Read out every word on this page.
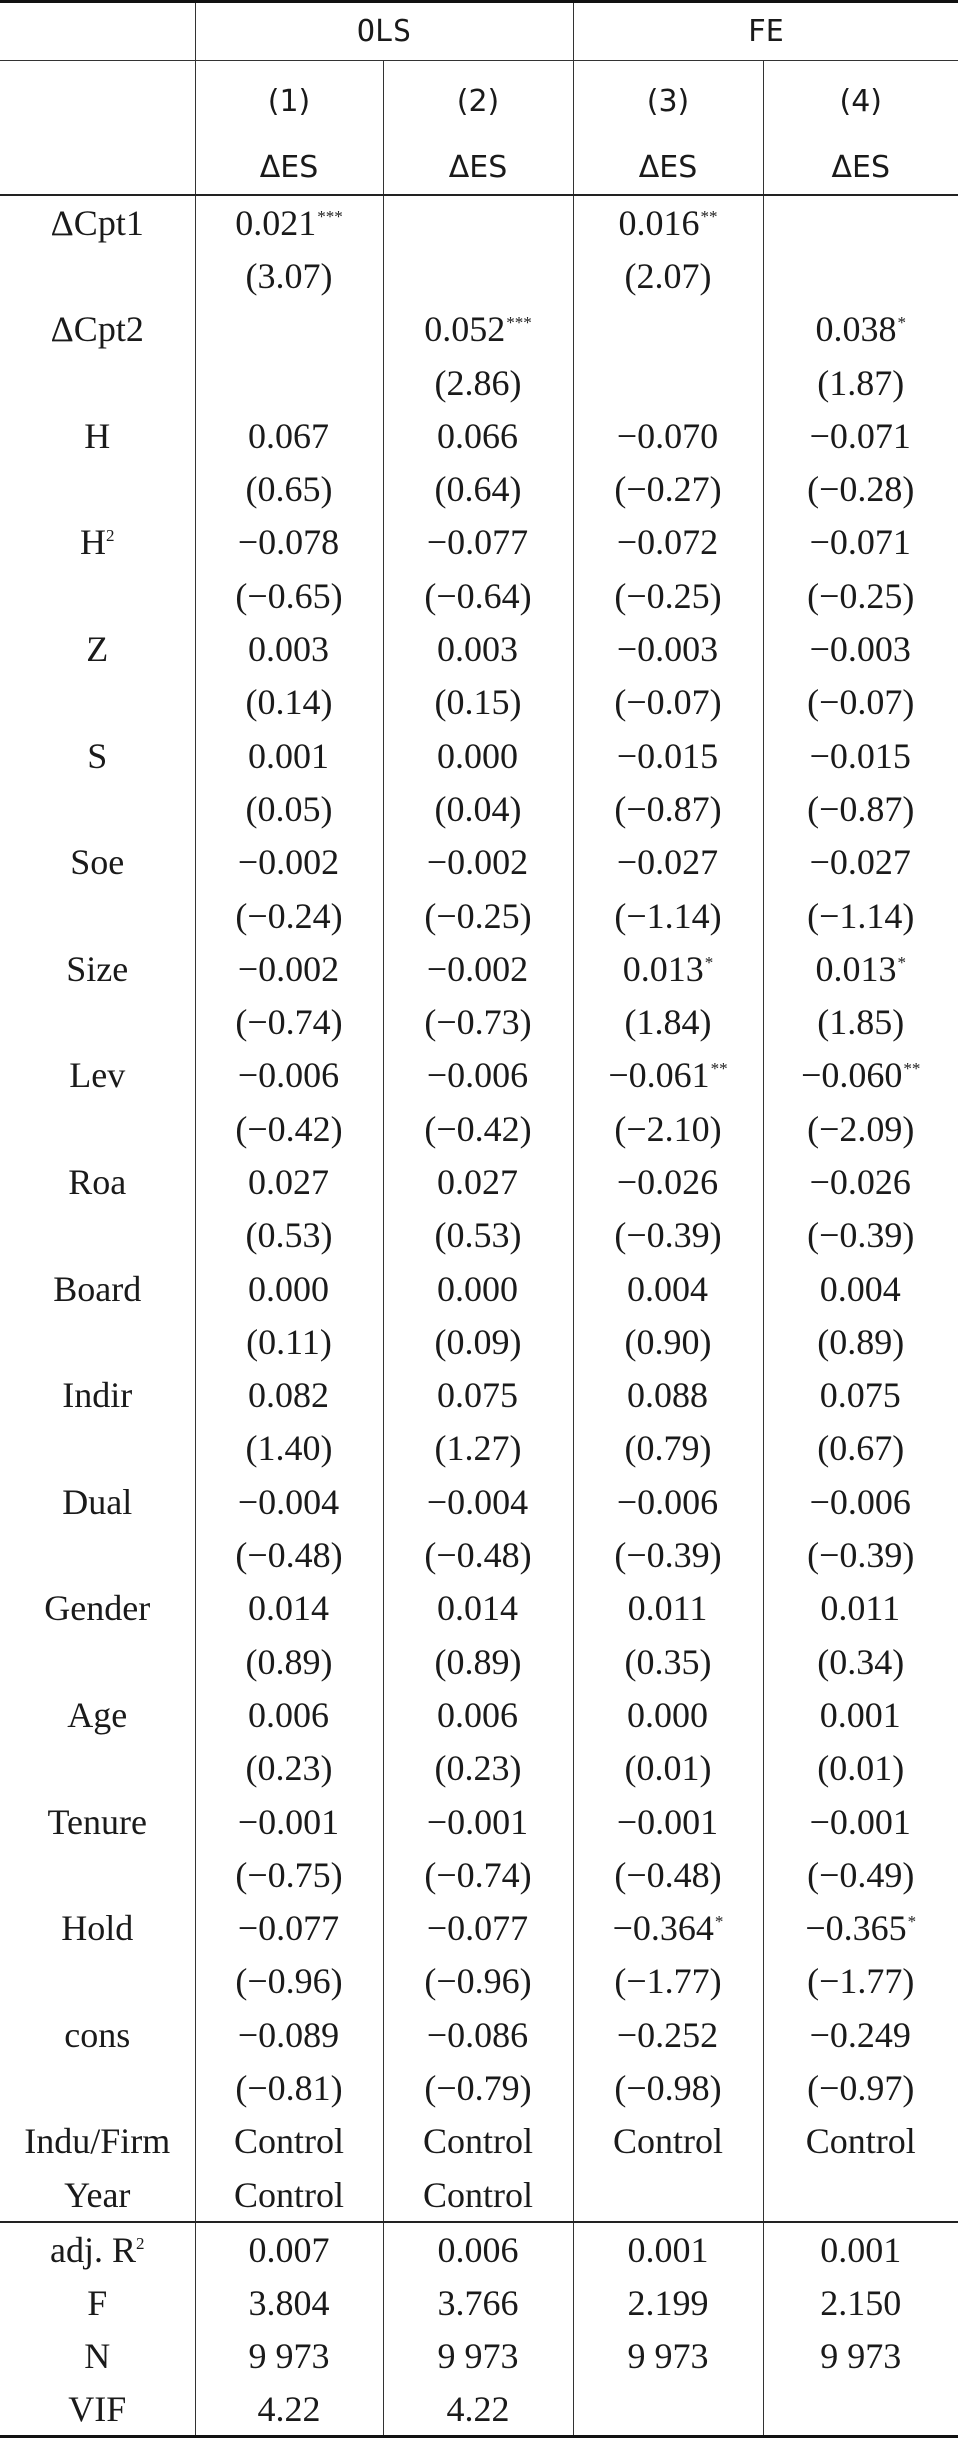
	OLS		FE	
	(1)	(2)	(3)	(4)
	ΔES	ΔES	ΔES	ΔES
ΔCpt1	0.021***		0.016**	
	(3.07)		(2.07)	
ΔCpt2		0.052***		0.038*
		(2.86)		(1.87)
H	0.067	0.066	−0.070	−0.071
	(0.65)	(0.64)	(−0.27)	(−0.28)
$H^2$	−0.078	−0.077	−0.072	−0.071
	(−0.65)	(−0.64)	(−0.25)	(−0.25)
Z	0.003	0.003	−0.003	−0.003
	(0.14)	(0.15)	(−0.07)	(−0.07)
S	0.001	0.000	−0.015	−0.015
	(0.05)	(0.04)	(−0.87)	(−0.87)
Soe	−0.002	−0.002	−0.027	−0.027
	(−0.24)	(−0.25)	(−1.14)	(−1.14)
Size	−0.002	−0.002	0.013*	0.013*
	(−0.74)	(−0.73)	(1.84)	(1.85)
Lev	−0.006	−0.006	−0.061**	−0.060**
	(−0.42)	(−0.42)	(−2.10)	(−2.09)
Roa	0.027	0.027	−0.026	−0.026
	(0.53)	(0.53)	(−0.39)	(−0.39)
Board	0.000	0.000	0.004	0.004
	(0.11)	(0.09)	(0.90)	(0.89)
Indir	0.082	0.075	0.088	0.075
	(1.40)	(1.27)	(0.79)	(0.67)
Dual	−0.004	−0.004	−0.006	−0.006
	(−0.48)	(−0.48)	(−0.39)	(−0.39)
Gender	0.014	0.014	0.011	0.011
	(0.89)	(0.89)	(0.35)	(0.34)
Age	0.006	0.006	0.000	0.001
	(0.23)	(0.23)	(0.01)	(0.01)
Tenure	−0.001	−0.001	−0.001	−0.001
	(−0.75)	(−0.74)	(−0.48)	(−0.49)
Hold	−0.077	−0.077	−0.364*	−0.365*
	(−0.96)	(−0.96)	(−1.77)	(−1.77)
cons	−0.089	−0.086	−0.252	−0.249
	(−0.81)	(−0.79)	(−0.98)	(−0.97)
Indu/Firm	Control	Control	Control	Control
Year	Control	Control		
adj. $R^2$	0.007	0.006	0.001	0.001
F	3.804	3.766	2.199	2.150
N	9 973	9 973	9 973	9 973
VIF	4.22	4.22		
